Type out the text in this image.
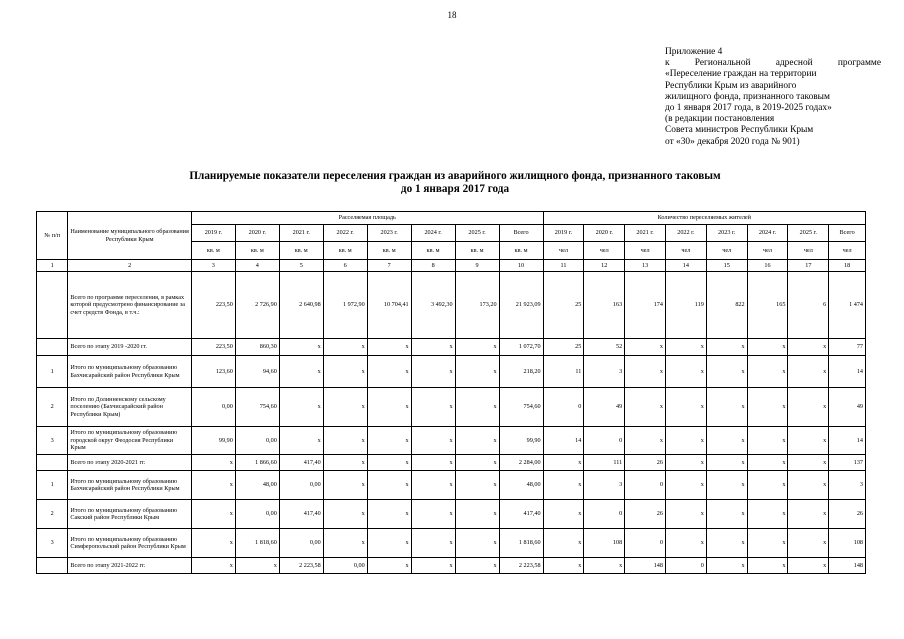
18
Приложение 4
к Региональной адресной программе
«Переселение граждан на территории
Республики Крым из аварийного
жилищного фонда, признанного таковым
до 1 января 2017 года, в 2019-2025 годах»
(в редакции постановления
Совета министров Республики Крым
от «30» декабря 2020 года № 901)
Планируемые показатели переселения граждан из аварийного жилищного фонда, признанного таковым
до 1 января 2017 года
№ п/п	Наименование муниципального образования Республики Крым	Расселяемая площадь								Количество переселяемых жителей							
		2019 г.	2020 г.	2021 г.	2022 г.	2023 г.	2024 г.	2025 г.	Всего	2019 г.	2020 г.	2021 г.	2022 г.	2023 г.	2024 г.	2025 г.	Всего
		кв. м	кв. м	кв. м	кв. м	кв. м	кв. м	кв. м	кв. м	чел	чел	чел	чел	чел	чел	чел	чел
1	2	3	4	5	6	7	8	9	10	11	12	13	14	15	16	17	18
	Всего по программе переселения, в рамках которой предусмотрено финансирование за счет средств Фонда, в т.ч.:	223,50	2 726,90	2 640,98	1 972,90	10 704,41	3 492,30	173,20	21 923,09	25	163	174	119	822	165	6	1 474
	Всего по этапу 2019 -2020 гг.	223,50	860,30	x	x	x	x	x	1 072,70	25	52	x	x	x	x	x	77
1	Итого по муниципальному образованию Бахчисарайский район Республики Крым	123,60	94,60	x	x	x	x	x	218,20	11	3	x	x	x	x	x	14
2	Итого по Долинненскому сельскому поселению (Бахчисарайский район Республики Крым)	0,00	754,60	x	x	x	x	x	754,60	0	49	x	x	x	x	x	49
3	Итого по муниципальному образованию городской округ Феодосия Республики Крым	99,90	0,00	x	x	x	x	x	99,90	14	0	x	x	x	x	x	14
	Всего по этапу 2020-2021 гг.	x	1 866,60	417,40	x	x	x	x	2 284,00	x	111	26	x	x	x	x	137
1	Итого по муниципальному образованию Бахчисарайский район Республики Крым	x	48,00	0,00	x	x	x	x	48,00	x	3	0	x	x	x	x	3
2	Итого по муниципальному образованию Сакский район Республики Крым	x	0,00	417,40	x	x	x	x	417,40	x	0	26	x	x	x	x	26
3	Итого по муниципальному образованию Симферопольский район Республики Крым	x	1 818,60	0,00	x	x	x	x	1 818,60	x	108	0	x	x	x	x	108
	Всего по этапу 2021-2022 гг.	x	x	2 223,58	0,00	x	x	x	2 223,58	x	x	148	0	x	x	x	148
